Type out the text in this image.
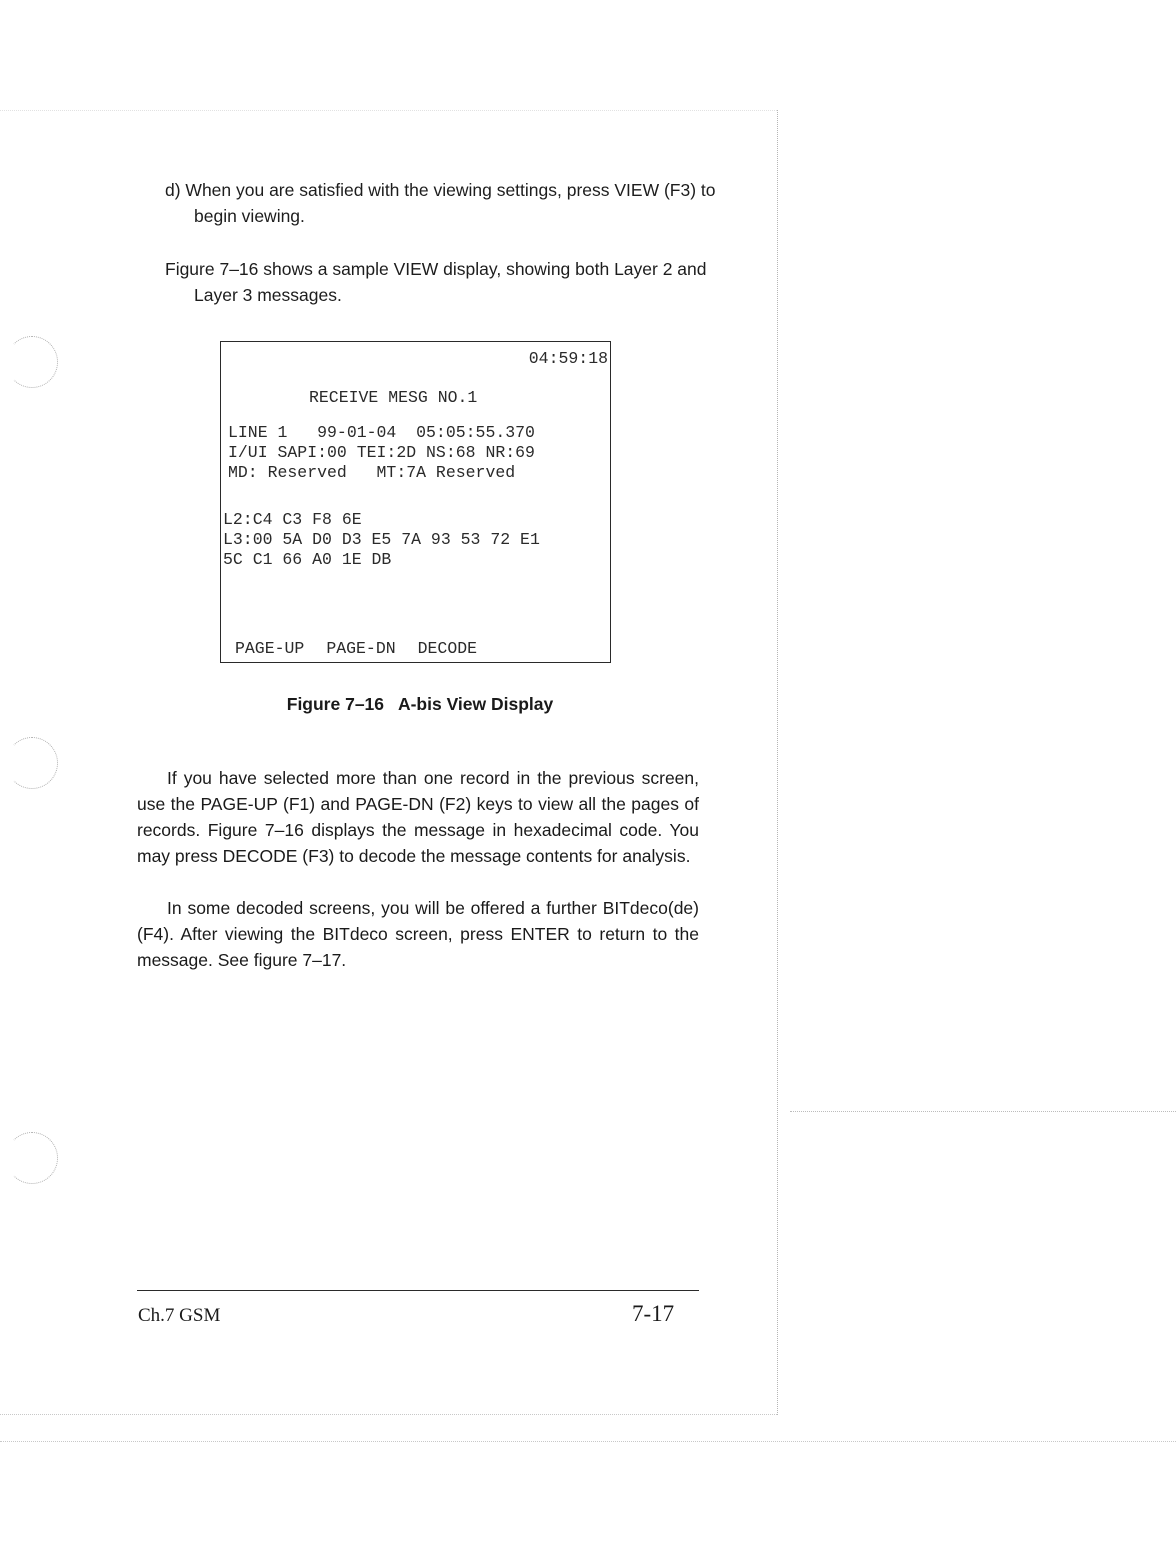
d) When you are satisfied with the viewing settings, press VIEW (F3) to begin viewing.
Figure 7–16 shows a sample VIEW display, showing both Layer 2 and Layer 3 messages.

04:59:18

RECEIVE MESG NO.1

LINE 1   99-01-04  05:05:55.370

I/UI SAPI:00 TEI:2D NS:68 NR:69

MD: Reserved   MT:7A Reserved

L2:C4 C3 F8 6E

L3:00 5A D0 D3 E5 7A 93 53 72 E1

5C C1 66 A0 1E DB

PAGE-UP PAGE-DN DECODE

Figure 7–16   A-bis View Display
If you have selected more than one record in the previous screen, use the PAGE-UP (F1) and PAGE-DN (F2) keys to view all the pages of records. Figure 7–16 displays the message in hexadecimal code. You may press DECODE (F3) to decode the message contents for analysis.
In some decoded screens, you will be offered a further BITdeco(de) (F4). After viewing the BITdeco screen, press ENTER to return to the message. See figure 7–17.
Ch.7 GSM	7-17
